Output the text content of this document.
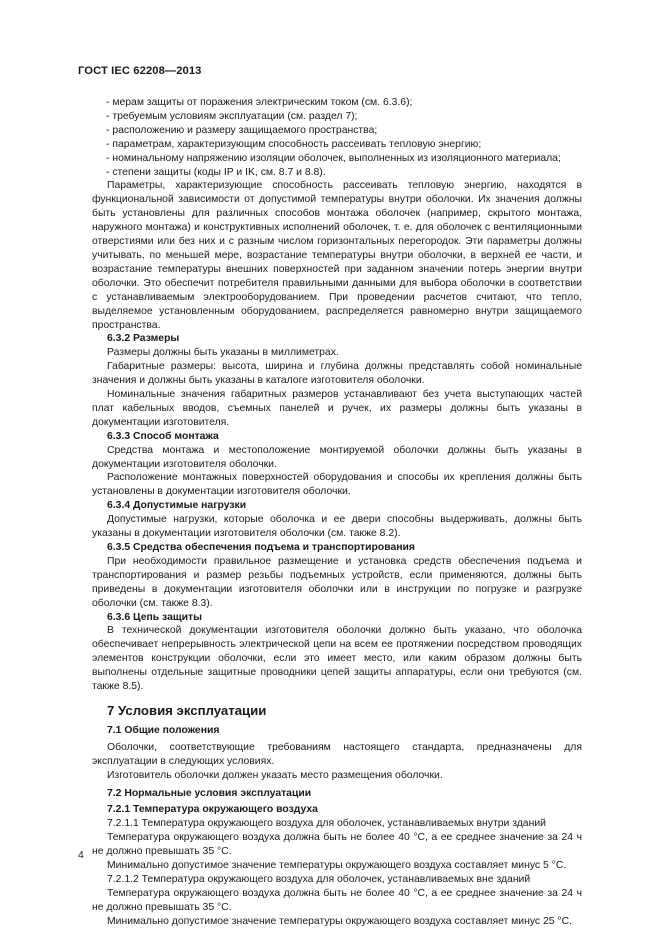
ГОСТ IEC 62208—2013

- мерам защиты от поражения электрическим током (см. 6.3.6);

- требуемым условиям эксплуатации (см. раздел 7);

- расположению и размеру защищаемого пространства;

- параметрам, характеризующим способность рассеивать тепловую энергию;

- номинальному напряжению изоляции оболочек, выполненных из изоляционного материала;

- степени защиты (коды IP и IK, см. 8.7 и 8.8).

Параметры, характеризующие способность рассеивать тепловую энергию, находятся в функциональной зависимости от допустимой температуры внутри оболочки. Их значения должны быть установлены для различных способов монтажа оболочек (например, скрытого монтажа, наружного монтажа) и конструктивных исполнений оболочек, т. е. для оболочек с вентиляционными отверстиями или без них и с разным числом горизонтальных перегородок. Эти параметры должны учитывать, по меньшей мере, возрастание температуры внутри оболочки, в верхней ее части, и возрастание температуры внешних поверхностей при заданном значении потерь энергии внутри оболочки. Это обеспечит потребителя правильными данными для выбора оболочки в соответствии с устанавливаемым электрооборудованием. При проведении расчетов считают, что тепло, выделяемое установленным оборудованием, распределяется равномерно внутри защищаемого пространства.

6.3.2 Размеры

Размеры должны быть указаны в миллиметрах.

Габаритные размеры: высота, ширина и глубина должны представлять собой номинальные значения и должны быть указаны в каталоге изготовителя оболочки.

Номинальные значения габаритных размеров устанавливают без учета выступающих частей плат кабельных вводов, съемных панелей и ручек, их размеры должны быть указаны в документации изготовителя.

6.3.3 Способ монтажа

Средства монтажа и местоположение монтируемой оболочки должны быть указаны в документации изготовителя оболочки.

Расположение монтажных поверхностей оборудования и способы их крепления должны быть установлены в документации изготовителя оболочки.

6.3.4 Допустимые нагрузки

Допустимые нагрузки, которые оболочка и ее двери способны выдерживать, должны быть указаны в документации изготовителя оболочки (см. также 8.2).

6.3.5 Средства обеспечения подъема и транспортирования

При необходимости правильное размещение и установка средств обеспечения подъема и транспортирования и размер резьбы подъемных устройств, если применяются, должны быть приведены в документации изготовителя оболочки или в инструкции по погрузке и разгрузке оболочки (см. также 8.3).

6.3.6 Цепь защиты

В технической документации изготовителя оболочки должно быть указано, что оболочка обеспечивает непрерывность электрической цепи на всем ее протяжении посредством проводящих элементов конструкции оболочки, если это имеет место, или каким образом должны быть выполнены отдельные защитные проводники цепей защиты аппаратуры, если они требуются (см. также 8.5).

7 Условия эксплуатации

7.1 Общие положения

Оболочки, соответствующие требованиям настоящего стандарта, предназначены для эксплуатации в следующих условиях.

Изготовитель оболочки должен указать место размещения оболочки.

7.2 Нормальные условия эксплуатации

7.2.1 Температура окружающего воздуха

7.2.1.1 Температура окружающего воздуха для оболочек, устанавливаемых внутри зданий

Температура окружающего воздуха должна быть не более 40 °С, а ее среднее значение за 24 ч не должно превышать 35 °С.

Минимально допустимое значение температуры окружающего воздуха составляет минус 5 °С.

7.2.1.2 Температура окружающего воздуха для оболочек, устанавливаемых вне зданий

Температура окружающего воздуха должна быть не более 40 °С, а ее среднее значение за 24 ч не должно превышать 35 °С.

Минимально допустимое значение температуры окружающего воздуха составляет минус 25 °С.

4
